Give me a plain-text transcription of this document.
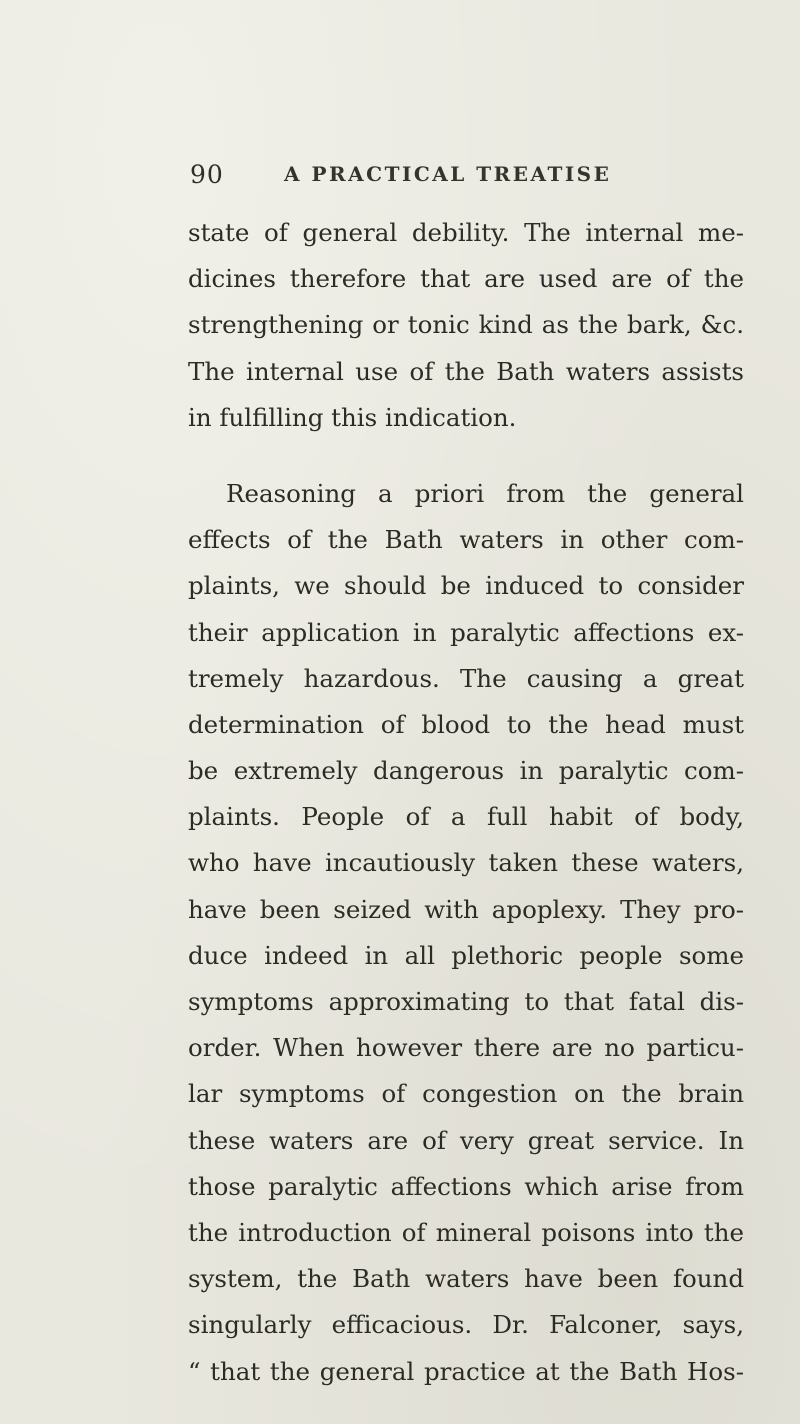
90	A PRACTICAL TREATISE
state of general debility. The internal me-
dicines therefore that are used are of the
strengthening or tonic kind as the bark, &c.
The internal use of the Bath waters assists
in fulfilling this indication.
Reasoning a priori from the general
effects of the Bath waters in other com-
plaints, we should be induced to consider
their application in paralytic affections ex-
tremely hazardous. The causing a great
determination of blood to the head must
be extremely dangerous in paralytic com-
plaints. People of a full habit of body,
who have incautiously taken these waters,
have been seized with apoplexy. They pro-
duce indeed in all plethoric people some
symptoms approximating to that fatal dis-
order. When however there are no particu-
lar symptoms of congestion on the brain
these waters are of very great service. In
those paralytic affections which arise from
the introduction of mineral poisons into the
system, the Bath waters have been found
singularly efficacious. Dr. Falconer, says,
“ that the general practice at the Bath Hos-
